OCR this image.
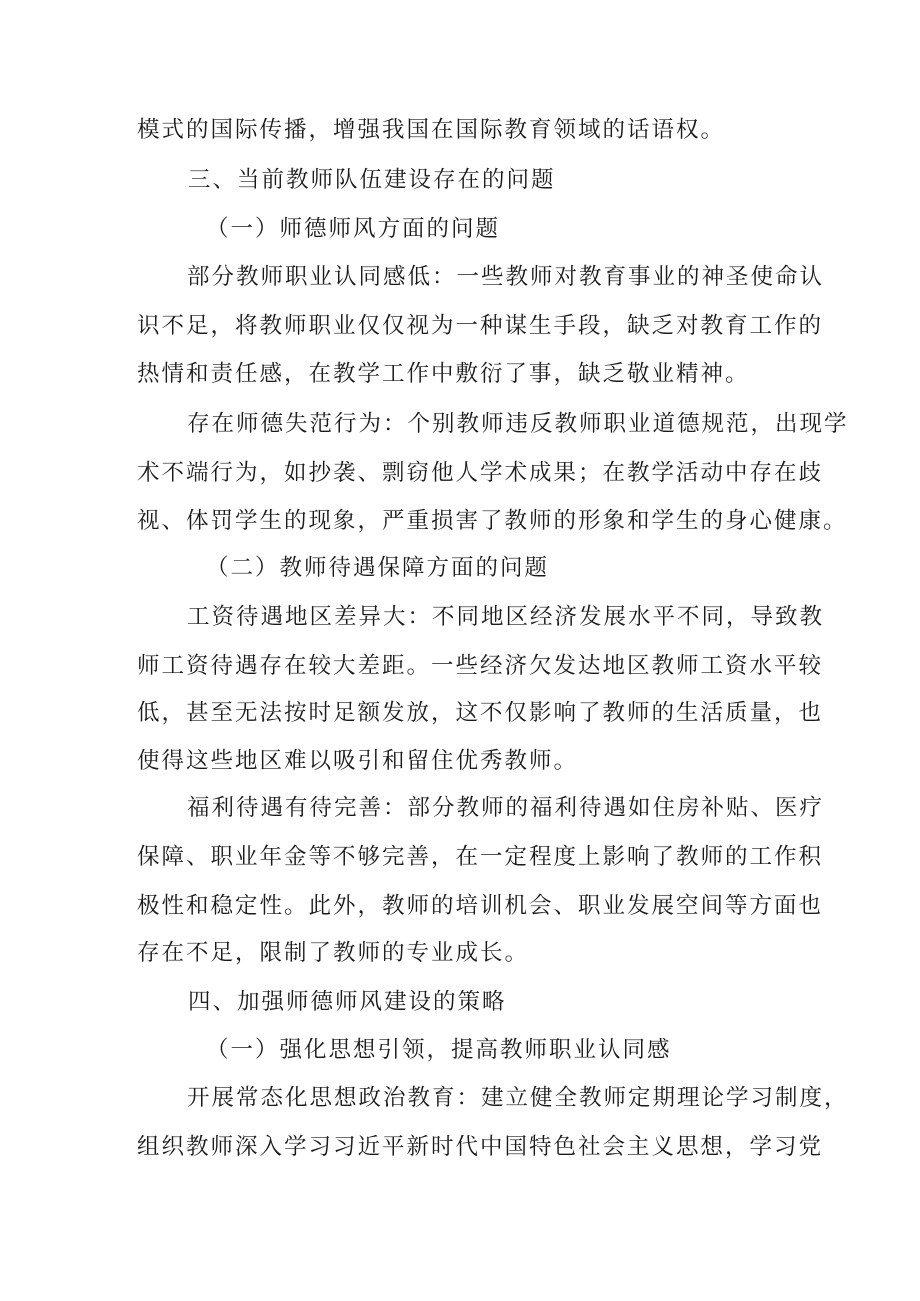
模式的国际传播，增强我国在国际教育领域的话语权。

三、当前教师队伍建设存在的问题

（一）师德师风方面的问题

部分教师职业认同感低：一些教师对教育事业的神圣使命认

识不足，将教师职业仅仅视为一种谋生手段，缺乏对教育工作的

热情和责任感，在教学工作中敷衍了事，缺乏敬业精神。

存在师德失范行为：个别教师违反教师职业道德规范，出现学

术不端行为，如抄袭、剽窃他人学术成果；在教学活动中存在歧

视、体罚学生的现象，严重损害了教师的形象和学生的身心健康。

（二）教师待遇保障方面的问题

工资待遇地区差异大：不同地区经济发展水平不同，导致教

师工资待遇存在较大差距。一些经济欠发达地区教师工资水平较

低，甚至无法按时足额发放，这不仅影响了教师的生活质量，也

使得这些地区难以吸引和留住优秀教师。

福利待遇有待完善：部分教师的福利待遇如住房补贴、医疗

保障、职业年金等不够完善，在一定程度上影响了教师的工作积

极性和稳定性。此外，教师的培训机会、职业发展空间等方面也

存在不足，限制了教师的专业成长。

四、加强师德师风建设的策略

（一）强化思想引领，提高教师职业认同感

开展常态化思想政治教育：建立健全教师定期理论学习制度，

组织教师深入学习习近平新时代中国特色社会主义思想，学习党
